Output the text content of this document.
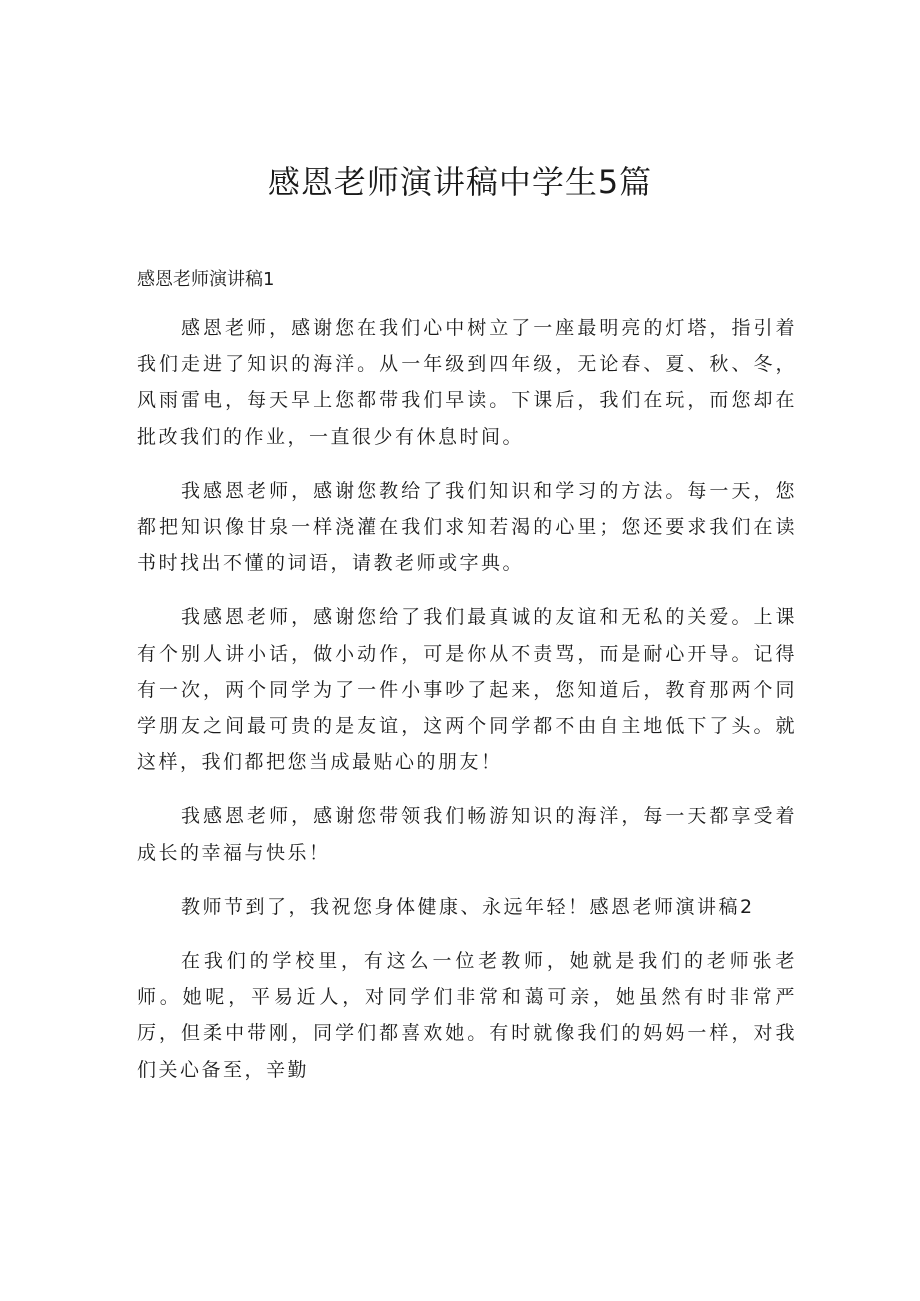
感恩老师演讲稿中学生5篇
感恩老师演讲稿1

感恩老师，感谢您在我们心中树立了一座最明亮的灯塔，指引着我们走进了知识的海洋。从一年级到四年级，无论春、夏、秋、冬，风雨雷电，每天早上您都带我们早读。下课后，我们在玩，而您却在批改我们的作业，一直很少有休息时间。

我感恩老师，感谢您教给了我们知识和学习的方法。每一天，您都把知识像甘泉一样浇灌在我们求知若渴的心里；您还要求我们在读书时找出不懂的词语，请教老师或字典。

我感恩老师，感谢您给了我们最真诚的友谊和无私的关爱。上课有个别人讲小话，做小动作，可是你从不责骂，而是耐心开导。记得有一次，两个同学为了一件小事吵了起来，您知道后，教育那两个同学朋友之间最可贵的是友谊，这两个同学都不由自主地低下了头。就这样，我们都把您当成最贴心的朋友！

我感恩老师，感谢您带领我们畅游知识的海洋，每一天都享受着成长的幸福与快乐！

教师节到了，我祝您身体健康、永远年轻！感恩老师演讲稿2

在我们的学校里，有这么一位老教师，她就是我们的老师张老师。她呢，平易近人，对同学们非常和蔼可亲，她虽然有时非常严厉，但柔中带刚，同学们都喜欢她。有时就像我们的妈妈一样，对我们关心备至，辛勤
